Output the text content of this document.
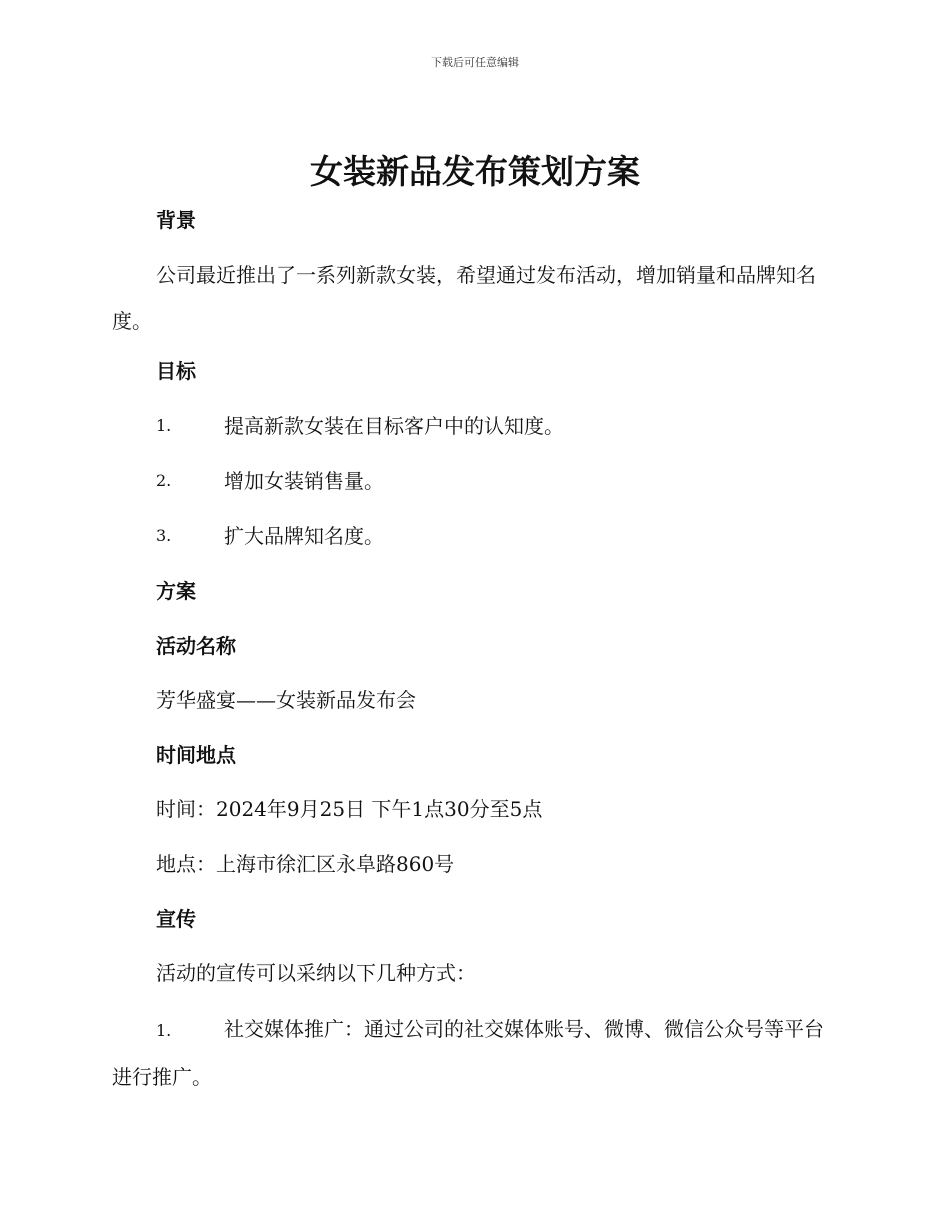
下载后可任意编辑
女装新品发布策划方案
背景
公司最近推出了一系列新款女装，希望通过发布活动，增加销量和品牌知名度。
目标
1.	提高新款女装在目标客户中的认知度。
2.	增加女装销售量。
3.	扩大品牌知名度。
方案
活动名称
芳华盛宴——女装新品发布会
时间地点
时间：2024年9月25日 下午1点30分至5点
地点：上海市徐汇区永阜路860号
宣传
活动的宣传可以采纳以下几种方式：
1.	社交媒体推广：通过公司的社交媒体账号、微博、微信公众号等平台进行推广。
